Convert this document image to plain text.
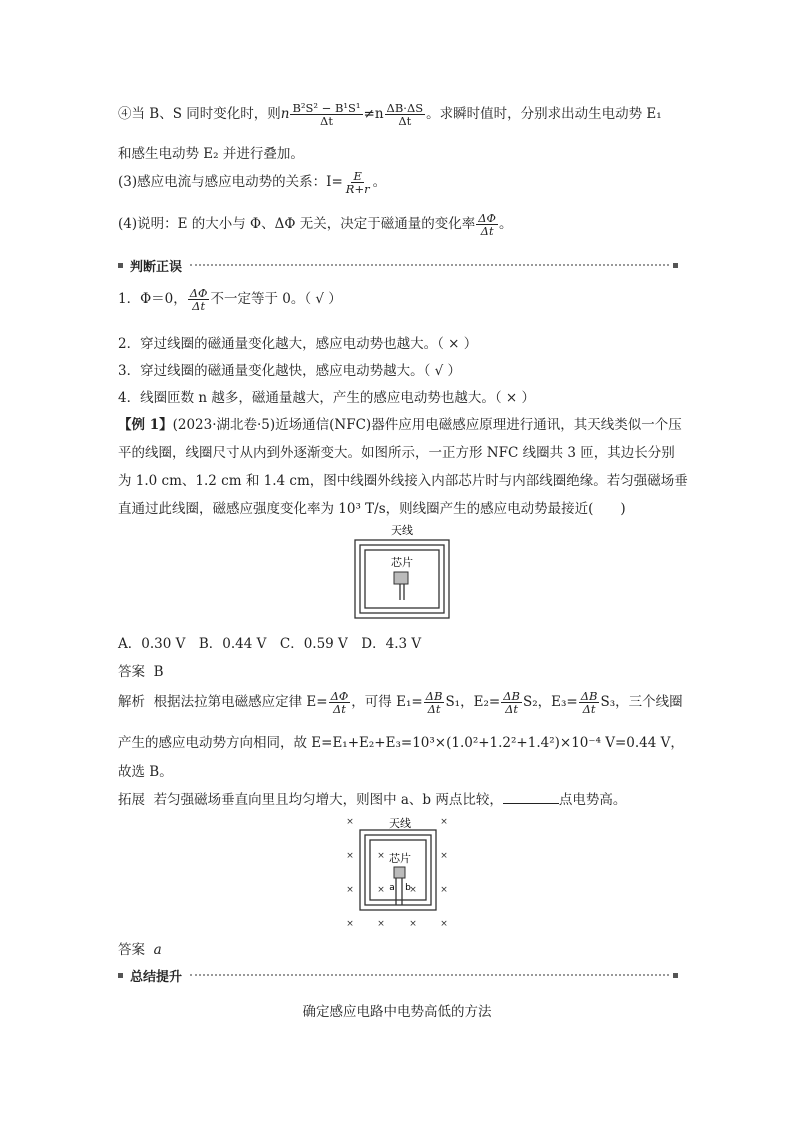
④当 B、S 同时变化时，则n $\frac{\text{B²S² − B¹S¹}}{\Delta t} \ne n \frac{\Delta B\cdot\Delta S}{\Delta t}$ 。求瞬时值时，分别求出动生电动势 E₁
和感生电动势 E₂ 并进行叠加。
(3)感应电流与感应电动势的关系：$I= \frac{E}{R+r}$ 。
(4)说明：E 的大小与 Φ、ΔΦ 无关，决定于磁通量的变化率 $\frac{\Delta\Phi}{\Delta t}$ 。
判断正误
1．Φ＝0， $\frac{\Delta\Phi}{\Delta t}$ 不一定等于 0。（ √ ）
2．穿过线圈的磁通量变化越大，感应电动势也越大。（ × ）
3．穿过线圈的磁通量变化越快，感应电动势越大。（ √ ）
4．线圈匝数 n 越多，磁通量越大，产生的感应电动势也越大。（ × ）
【例 1】(2023·湖北卷·5)近场通信(NFC)器件应用电磁感应原理进行通讯，其天线类似一个压
平的线圈，线圈尺寸从内到外逐渐变大。如图所示，一正方形 NFC 线圈共 3 匝，其边长分别
为 1.0 cm、1.2 cm 和 1.4 cm，图中线圈外线接入内部芯片时与内部线圈绝缘。若匀强磁场垂
直通过此线圈，磁感应强度变化率为 10³ T/s，则线圈产生的感应电动势最接近(　　)
天线
芯片
A．0.30 V　B．0.44 V　C．0.59 V　D．4.3 V
答案 B
解析 根据法拉第电磁感应定律 $E= \frac{\Delta\Phi}{\Delta t}$ ，可得 $E_1= \frac{\Delta B}{\Delta t} S_1$，$E_2= \frac{\Delta B}{\Delta t} S_2$，$E_3= \frac{\Delta B}{\Delta t} S_3$，三个线圈
产生的感应电动势方向相同，故 E=E₁+E₂+E₃=10³×(1.0²+1.2²+1.4²)×10⁻⁴ V=0.44 V，
故选 B。
拓展 若匀强磁场垂直向里且均匀增大，则图中 a、b 两点比较，	点电势高。
×	×
×	×
×	×
×	×	×	×
×	×
×
天线
芯片
a b
答案 a
总结提升
确定感应电路中电势高低的方法
